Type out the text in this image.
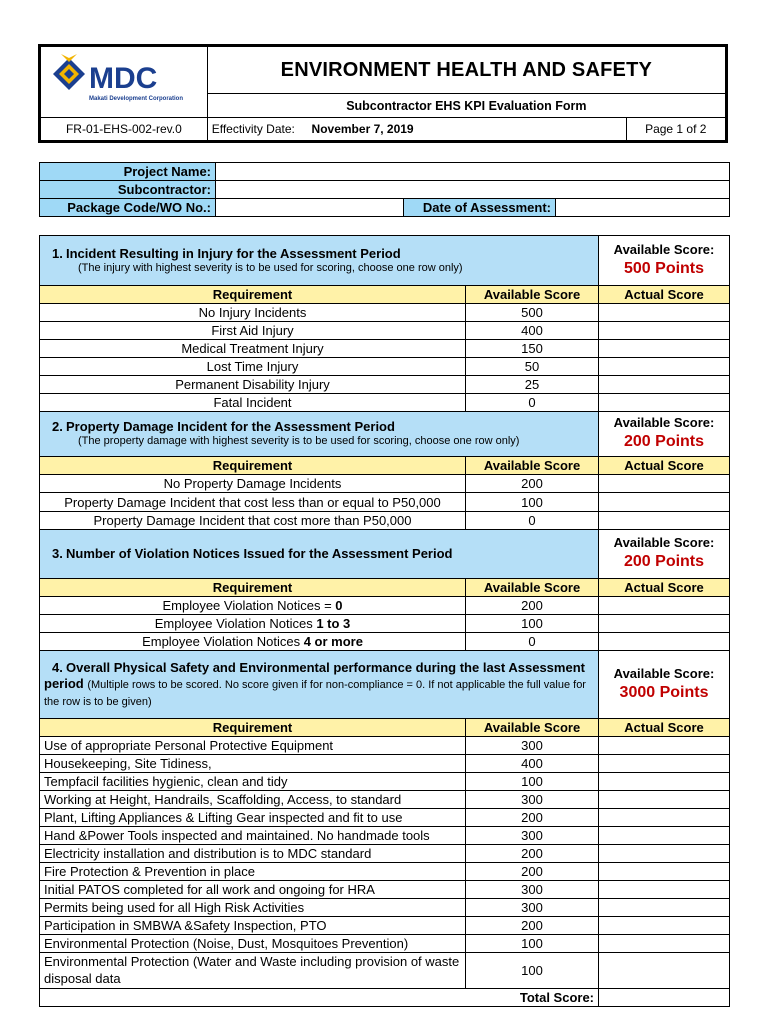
MDC
Makati Development Corporation	ENVIRONMENT HEALTH AND SAFETY	
	Subcontractor EHS KPI Evaluation Form	
FR-01-EHS-002-rev.0	Effectivity Date: November 7, 2019	Page 1 of 2
Project Name:			
Subcontractor:			
Package Code/WO No.:		Date of Assessment:	
1. Incident Resulting in Injury for the Assessment Period
(The injury with highest severity is to be used for scoring, choose one row only)		Available Score:
500 Points

Requirement	Available Score	Actual Score
No Injury Incidents	500	
First Aid Injury	400	
Medical Treatment Injury	150	
Lost Time Injury	50	
Permanent Disability Injury	25	
Fatal Incident	0	
2. Property Damage Incident for the Assessment Period
(The property damage with highest severity is to be used for scoring, choose one row only)		Available Score:
200 Points

Requirement	Available Score	Actual Score
No Property Damage Incidents	200	
Property Damage Incident that cost less than or equal to P50,000	100	
Property Damage Incident that cost more than P50,000	0	
3. Number of Violation Notices Issued for the Assessment Period		Available Score:
200 Points

Requirement	Available Score	Actual Score
Employee Violation Notices = 0	200	
Employee Violation Notices 1 to 3	100	
Employee Violation Notices 4 or more	0	
4. Overall Physical Safety and Environmental performance during the last Assessment period (Multiple rows to be scored. No score given if for non-compliance = 0. If not applicable the full value for the row is to be given)		Available Score:
3000 Points

Requirement	Available Score	Actual Score
Use of appropriate Personal Protective Equipment	300	
Housekeeping, Site Tidiness,	400	
Tempfacil facilities hygienic, clean and tidy	100	
Working at Height, Handrails, Scaffolding, Access, to standard	300	
Plant, Lifting Appliances & Lifting Gear inspected and fit to use	200	
Hand &Power Tools inspected and maintained. No handmade tools	300	
Electricity installation and distribution is to MDC standard	200	
Fire Protection & Prevention in place	200	
Initial PATOS completed for all work and ongoing for HRA	300	
Permits being used for all High Risk Activities	300	
Participation in SMBWA &Safety Inspection, PTO	200	
Environmental Protection (Noise, Dust, Mosquitoes Prevention)	100	
Environmental Protection (Water and Waste including provision of waste disposal data	100	
Total Score:		
